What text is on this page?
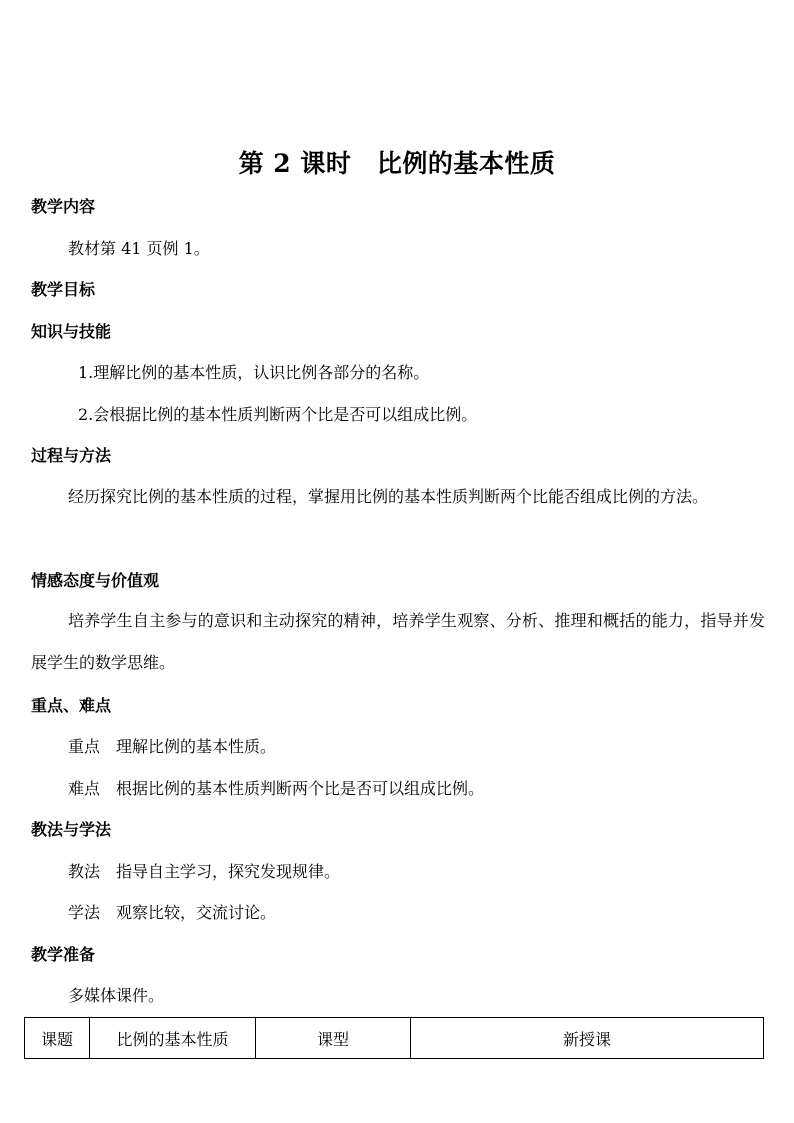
第 2 课时　比例的基本性质
教学内容
教材第 41 页例 1。
教学目标
知识与技能
1.理解比例的基本性质，认识比例各部分的名称。
2.会根据比例的基本性质判断两个比是否可以组成比例。
过程与方法
经历探究比例的基本性质的过程，掌握用比例的基本性质判断两个比能否组成比例的方法。
情感态度与价值观
培养学生自主参与的意识和主动探究的精神，培养学生观察、分析、推理和概括的能力，指导并发展学生的数学思维。
重点、难点
重点 理解比例的基本性质。
难点 根据比例的基本性质判断两个比是否可以组成比例。
教法与学法
教法 指导自主学习，探究发现规律。
学法 观察比较，交流讨论。
教学准备
多媒体课件。
课题	比例的基本性质	课型	新授课
